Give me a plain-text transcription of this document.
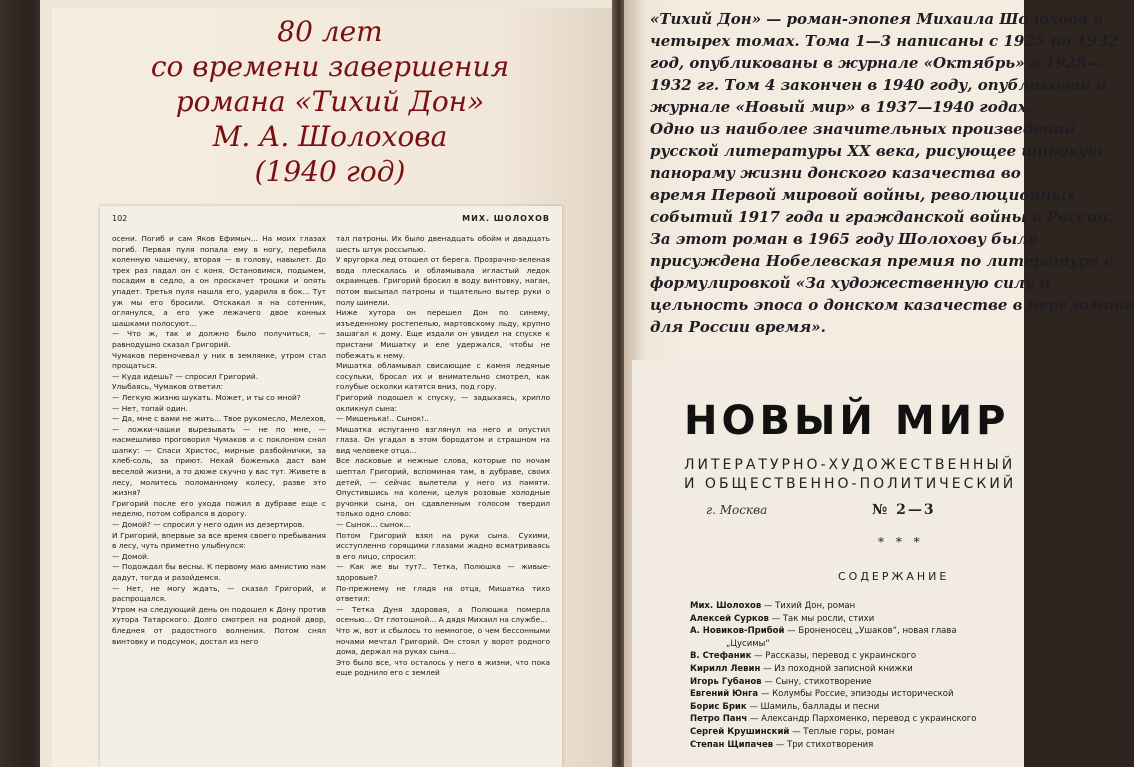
80 лет
со времени завершения
романа «Тихий Дон»
М. А. Шолохова
(1940 год)
102	МИХ. ШОЛОХОВ
осени. Погиб и сам Яков Ефимыч... На моих глазах погиб. Первая пуля попала ему в ногу, перебила коленную чашечку, вторая — в голову, навылет. До трех раз падал он с коня. Остановимся, подымем, посадим в седло, а он проскачет трошки и опять упадет. Третья пуля нашла его, ударила в бок... Тут уж мы его бросили. Отскакал я на сотенник, оглянулся, а его уже лежачего двое конных шашками полосуют...
— Что ж, так и должно было получиться, — равнодушно сказал Григорий.
Чумаков переночевал у них в землянке, утром стал прощаться.
— Куда идешь? — спросил Григорий.
Улыбаясь, Чумаков ответил:
— Легкую жизню шукать. Может, и ты со мной?
— Нет, топай один.
— Да, мне с вами не жить... Твое рукомесло, Мелехов, — ложки-чашки вырезывать — не по мне, — насмешливо проговорил Чумаков и с поклоном снял шапку: — Спаси Христос, мирные разбойнички, за хлеб-соль, за приют. Нехай боженька даст вам веселой жизни, а то дюже скучно у вас тут. Живете в лесу, молитесь поломанному колесу, разве это жизня?
Григорий после его ухода пожил в дубраве еще с неделю, потом собрался в дорогу.
— Домой? — спросил у него один из дезертиров.
И Григорий, впервые за все время своего пребывания в лесу, чуть приметно улыбнулся:
— Домой.
— Подождал бы весны. К первому маю амнистию нам дадут, тогда и разойдемся.
— Нет, не могу ждать, — сказал Григорий, и распрощался.
Утром на следующий день он подошел к Дону против хутора Татарского. Долго смотрел на родной двор, бледнея от радостного волнения. Потом снял винтовку и подсумок, достал из него
тал патроны. Их было двенадцать обойм и двадцать шесть штук россыпью.
У яругорка лед отошел от берега. Прозрачно-зеленая вода плескалась и обламывала игластый ледок окраинцев. Григорий бросил в воду винтовку, наган, потом высыпал патроны и тщательно вытер руки о полу шинели.
Ниже хутора он перешел Дон по синему, изъеденному ростепелью, мартовскому льду, крупно зашагал к дому. Еще издали он увидел на спуске к пристани Мишатку и еле удержался, чтобы не побежать к нему.
Мишатка обламывал свисающие с камня ледяные сосульки, бросал их и внимательно смотрел, как голубые осколки катятся вниз, под гору.
Григорий подошел к спуску, — задыхаясь, хрипло окликнул сына:
— Мишенька!.. Сынок!..
Мишатка испуганно взглянул на него и опустил глаза. Он угадал в этом бородатом и страшном на вид человеке отца...
Все ласковые и нежные слова, которые по ночам шептал Григорий, вспоминая там, в дубраве, своих детей, — сейчас вылетели у него из памяти. Опустившись на колени, целуя розовые холодные ручонки сына, он сдавленным голосом твердил только одно слово:
— Сынок... сынок...
Потом Григорий взял на руки сына. Сухими, исступленно горящими глазами жадно всматриваясь в его лицо, спросил:
— Как же вы тут?.. Тетка, Полюшка — живые-здоровые?
По-прежнему не глядя на отца, Мишатка тихо ответил:
— Тетка Дуня здоровая, а Полюшка померла осенью... От глотошной... А дядя Михаил на службе...
Что ж, вот и сбылось то немногое, о чем бессонными ночами мечтал Григорий. Он стоял у ворот родного дома, держал на руках сына...
Это было все, что осталось у него в жизни, что пока еще роднило его с землей
«Тихий Дон» — роман-эпопея Михаила Шолохова в
четырех томах. Тома 1—3 написаны с 1925 по 1932
год, опубликованы в журнале «Октябрь» в 1928—
1932 гг. Том 4 закончен в 1940 году, опубликован в
журнале «Новый мир» в 1937—1940 годах.
Одно из наиболее значительных произведений
русской литературы XX века, рисующее широкую
панораму жизни донского казачества во
время Первой мировой войны, революционных
событий 1917 года и гражданской войны в России.
За этот роман в 1965 году Шолохову была
присуждена Нобелевская премия по литературе с
формулировкой «За художественную силу и
цельность эпоса о донском казачестве в переломное
для России время».
НОВЫЙ МИР
ЛИТЕРАТУРНО-ХУДОЖЕСТВЕННЫЙ
И ОБЩЕСТВЕННО-ПОЛИТИЧЕСКИЙ
г. Москва	№ 2—3
* * *
СОДЕРЖАНИЕ
Мих. Шолохов — Тихий Дон, роман
Алексей Сурков — Так мы росли, стихи
А. Новиков-Прибой — Броненосец „Ушаков“, новая глава
„Цусимы“
В. Стефаник — Рассказы, перевод с украинского
Кирилл Левин — Из походной записной книжки
Игорь Губанов — Сыну, стихотворение
Евгений Юнга — Колумбы Россие, эпизоды исторической
Борис Брик — Шамиль, баллады и песни
Петро Панч — Александр Пархоменко, перевод с украинского
Сергей Крушинский — Теплые горы, роман
Степан Щипачев — Три стихотворения
